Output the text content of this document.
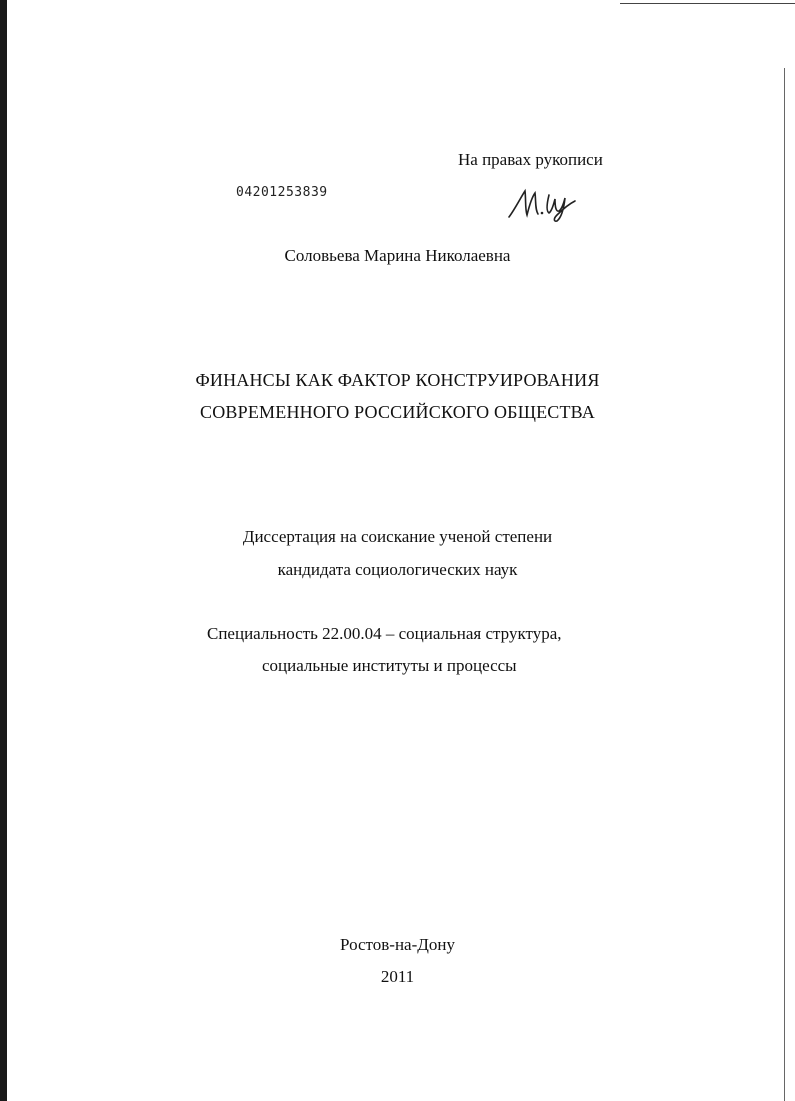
На правах рукописи
04201253839
Соловьева Марина Николаевна
ФИНАНСЫ КАК ФАКТОР КОНСТРУИРОВАНИЯ
СОВРЕМЕННОГО РОССИЙСКОГО ОБЩЕСТВА
Диссертация на соискание ученой степени
кандидата социологических наук
Специальность 22.00.04 – социальная структура,
социальные институты и процессы
Ростов-на-Дону
2011
